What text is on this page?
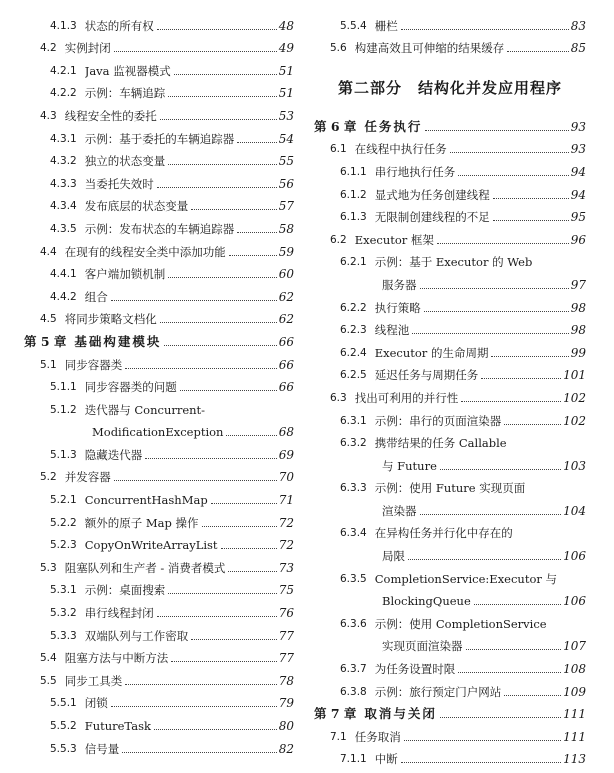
4.1.3 状态的所有权	48
4.2 实例封闭	49
4.2.1 Java 监视器模式	51
4.2.2 示例：车辆追踪	51
4.3 线程安全性的委托	53
4.3.1 示例：基于委托的车辆追踪器	54
4.3.2 独立的状态变量	55
4.3.3 当委托失效时	56
4.3.4 发布底层的状态变量	57
4.3.5 示例：发布状态的车辆追踪器	58
4.4 在现有的线程安全类中添加功能	59
4.4.1 客户端加锁机制	60
4.4.2 组合	62
4.5 将同步策略文档化	62
第 5 章 基础构建模块	66
5.1 同步容器类	66
5.1.1 同步容器类的问题	66
5.1.2 迭代器与 Concurrent-
ModificationException	68
5.1.3 隐藏迭代器	69
5.2 并发容器	70
5.2.1 ConcurrentHashMap	71
5.2.2 额外的原子 Map 操作	72
5.2.3 CopyOnWriteArrayList	72
5.3 阻塞队列和生产者 - 消费者模式	73
5.3.1 示例：桌面搜索	75
5.3.2 串行线程封闭	76
5.3.3 双端队列与工作密取	77
5.4 阻塞方法与中断方法	77
5.5 同步工具类	78
5.5.1 闭锁	79
5.5.2 FutureTask	80
5.5.3 信号量	82
5.5.4 栅栏	83
5.6 构建高效且可伸缩的结果缓存	85
第二部分　结构化并发应用程序
第 6 章 任务执行	93
6.1 在线程中执行任务	93
6.1.1 串行地执行任务	94
6.1.2 显式地为任务创建线程	94
6.1.3 无限制创建线程的不足	95
6.2 Executor 框架	96
6.2.1 示例：基于 Executor 的 Web
服务器	97
6.2.2 执行策略	98
6.2.3 线程池	98
6.2.4 Executor 的生命周期	99
6.2.5 延迟任务与周期任务	101
6.3 找出可利用的并行性	102
6.3.1 示例：串行的页面渲染器	102
6.3.2 携带结果的任务 Callable
与 Future	103
6.3.3 示例：使用 Future 实现页面
渲染器	104
6.3.4 在异构任务并行化中存在的
局限	106
6.3.5 CompletionService:Executor 与
BlockingQueue	106
6.3.6 示例：使用 CompletionService
实现页面渲染器	107
6.3.7 为任务设置时限	108
6.3.8 示例：旅行预定门户网站	109
第 7 章 取消与关闭	111
7.1 任务取消	111
7.1.1 中断	113
